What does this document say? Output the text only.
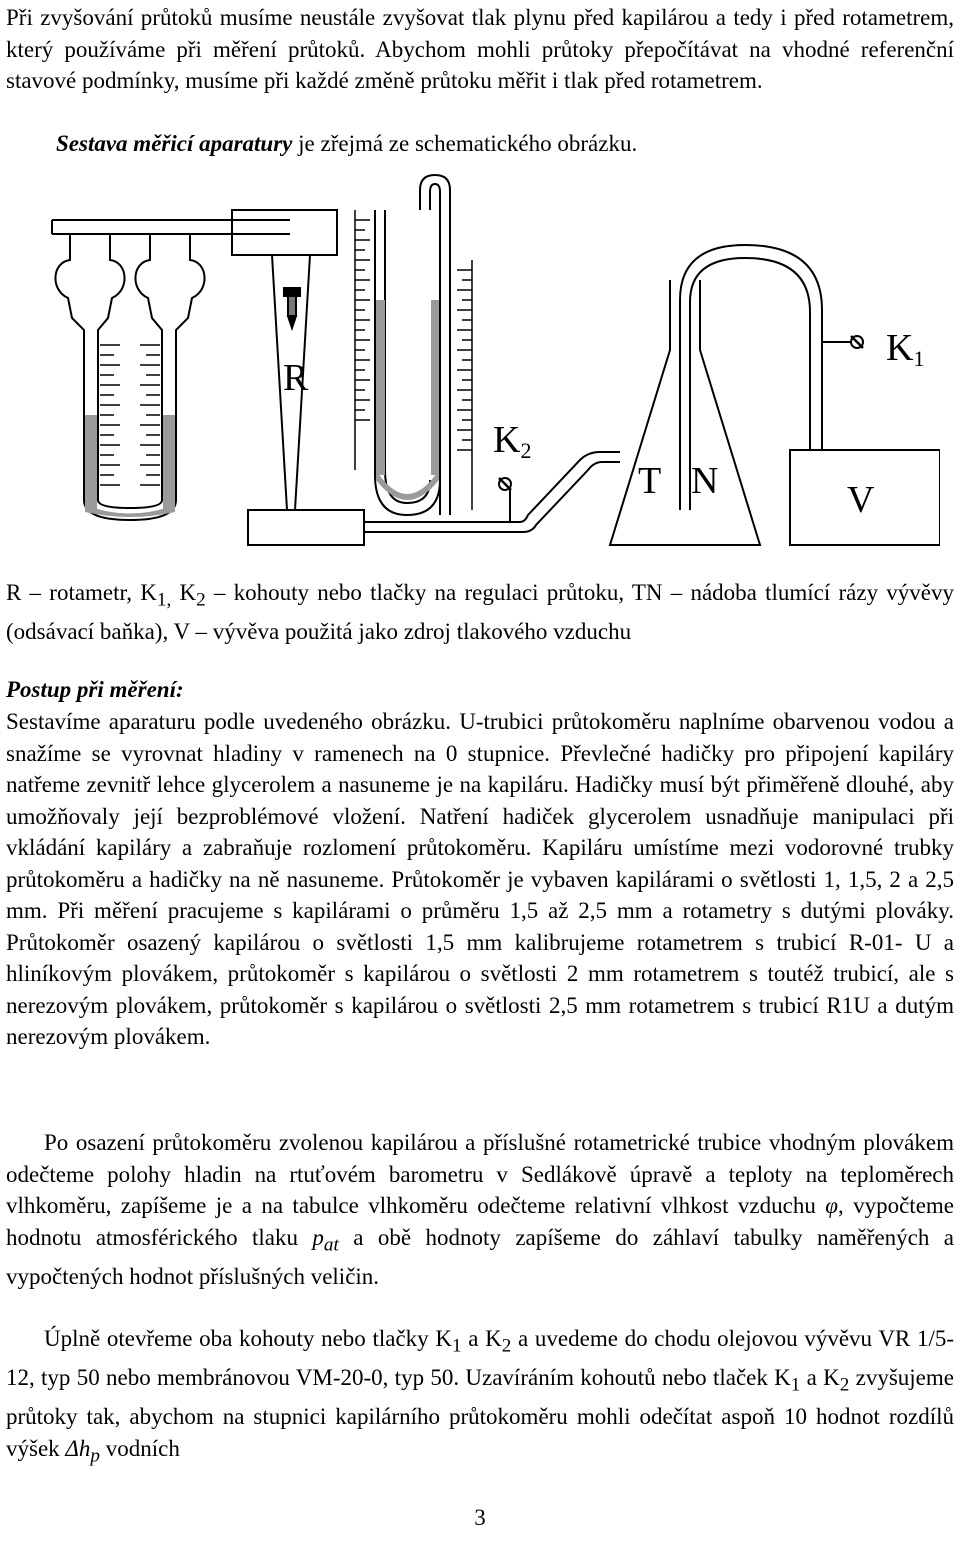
Při zvyšování průtoků musíme neustále zvyšovat tlak plynu před kapilárou a tedy i před rotametrem, který používáme při měření průtoků. Abychom mohli průtoky přepočítávat na vhodné referenční stavové podmínky, musíme při každé změně průtoku měřit i tlak před rotametrem.

Sestava měřicí aparatury je zřejmá ze schematického obrázku.

R
K2
T N
K1
V

R – rotametr, $K_{1,}$ $K_2$ – kohouty nebo tlačky na regulaci průtoku, TN – nádoba tlumící rázy vývěvy (odsávací baňka), V – vývěva použitá jako zdroj tlakového vzduchu

Postup při měření:

Sestavíme aparaturu podle uvedeného obrázku. U-trubici průtokoměru naplníme obarvenou vodou a snažíme se vyrovnat hladiny v ramenech na 0 stupnice. Převlečné hadičky pro připojení kapiláry natřeme zevnitř lehce glycerolem a nasuneme je na kapiláru. Hadičky musí být přiměřeně dlouhé, aby umožňovaly její bezproblémové vložení. Natření hadiček glycerolem usnadňuje manipulaci při vkládání kapiláry a zabraňuje rozlomení průtokoměru. Kapiláru umístíme mezi vodorovné trubky průtokoměru a hadičky na ně nasuneme. Průtokoměr je vybaven kapilárami o světlosti 1, 1,5, 2 a 2,5 mm. Při měření pracujeme s kapilárami o průměru 1,5 až 2,5 mm a rotametry s dutými plováky. Průtokoměr osazený kapilárou o světlosti 1,5 mm kalibrujeme rotametrem s trubicí R-01- U a hliníkovým plovákem, průtokoměr s kapilárou o světlosti 2 mm rotametrem s toutéž trubicí, ale s nerezovým plovákem, průtokoměr s kapilárou o světlosti 2,5 mm rotametrem s trubicí R1U a dutým nerezovým plovákem.

Po osazení průtokoměru zvolenou kapilárou a příslušné rotametrické trubice vhodným plovákem odečteme polohy hladin na rtuťovém barometru v Sedlákově úpravě a teploty na teploměrech vlhkoměru, zapíšeme je a na tabulce vlhkoměru odečteme relativní vlhkost vzduchu φ, vypočteme hodnotu atmosférického tlaku $p_{at}$ a obě hodnoty zapíšeme do záhlaví tabulky naměřených a vypočtených hodnot příslušných veličin.

Úplně otevřeme oba kohouty nebo tlačky $K_1$ a $K_2$ a uvedeme do chodu olejovou vývěvu VR 1/5-12, typ 50 nebo membránovou VM-20-0, typ 50. Uzavíráním kohoutů nebo tlaček $K_1$ a $K_2$ zvyšujeme průtoky tak, abychom na stupnici kapilárního průtokoměru mohli odečítat aspoň 10 hodnot rozdílů výšek $\Delta h_p$ vodních

3
